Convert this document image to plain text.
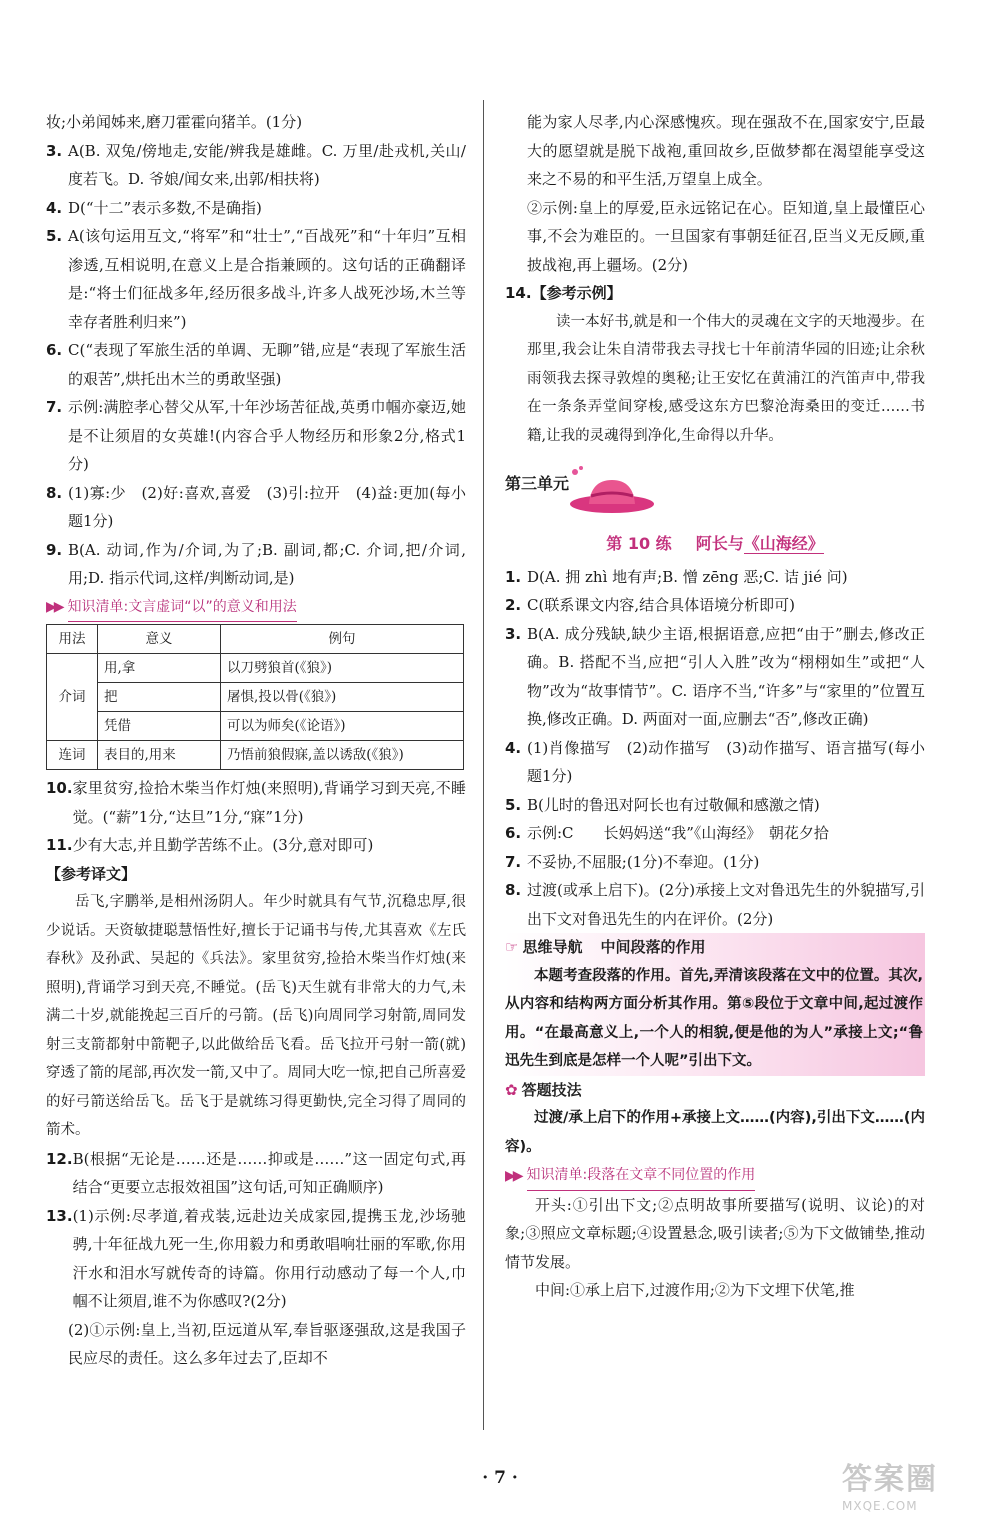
妆;小弟闻姊来,磨刀霍霍向猪羊。(1分)
3. A(B. 双兔/傍地走,安能/辨我是雄雌。C. 万里/赴戎机,关山/度若飞。D. 爷娘/闻女来,出郭/相扶将)
4. D(“十二”表示多数,不是确指)
5. A(该句运用互文,“将军”和“壮士”,“百战死”和“十年归”互相渗透,互相说明,在意义上是合指兼顾的。这句话的正确翻译是:“将士们征战多年,经历很多战斗,许多人战死沙场,木兰等幸存者胜利归来”)
6. C(“表现了军旅生活的单调、无聊”错,应是“表现了军旅生活的艰苦”,烘托出木兰的勇敢坚强)
7. 示例:满腔孝心替父从军,十年沙场苦征战,英勇巾帼亦豪迈,她是不让须眉的女英雄!(内容合乎人物经历和形象2分,格式1分)
8. (1)寡:少　(2)好:喜欢,喜爱　(3)引:拉开　(4)益:更加(每小题1分)
9. B(A. 动词,作为/介词,为了;B. 副词,都;C. 介词,把/介词,用;D. 指示代词,这样/判断动词,是)
▶▶ 知识清单:文言虚词“以”的意义和用法
用法	意义	例句
介词	用,拿	以刀劈狼首(《狼》)
	把	屠惧,投以骨(《狼》)
	凭借	可以为师矣(《论语》)
连词	表目的,用来	乃悟前狼假寐,盖以诱敌(《狼》)
10. 家里贫穷,捡拾木柴当作灯烛(来照明),背诵学习到天亮,不睡觉。(“薪”1分,“达旦”1分,“寐”1分)
11. 少有大志,并且勤学苦练不止。(3分,意对即可)
【参考译文】
岳飞,字鹏举,是相州汤阴人。年少时就具有气节,沉稳忠厚,很少说话。天资敏捷聪慧悟性好,擅长于记诵书与传,尤其喜欢《左氏春秋》及孙武、吴起的《兵法》。家里贫穷,捡拾木柴当作灯烛(来照明),背诵学习到天亮,不睡觉。(岳飞)天生就有非常大的力气,未满二十岁,就能挽起三百斤的弓箭。(岳飞)向周同学习射箭,周同发射三支箭都射中箭靶子,以此做给岳飞看。岳飞拉开弓射一箭(就)穿透了箭的尾部,再次发一箭,又中了。周同大吃一惊,把自己所喜爱的好弓箭送给岳飞。岳飞于是就练习得更勤快,完全习得了周同的箭术。
12. B(根据“无论是……还是……抑或是……”这一固定句式,再结合“更要立志报效祖国”这句话,可知正确顺序)
13. (1)示例:尽孝道,着戎装,远赴边关成家园,提携玉龙,沙场驰骋,十年征战九死一生,你用毅力和勇敢唱响壮丽的军歌,你用汗水和泪水写就传奇的诗篇。你用行动感动了每一个人,巾帼不让须眉,谁不为你感叹?(2分)
(2)①示例:皇上,当初,臣远道从军,奉旨驱逐强敌,这是我国子民应尽的责任。这么多年过去了,臣却不
能为家人尽孝,内心深感愧疚。现在强敌不在,国家安宁,臣最大的愿望就是脱下战袍,重回故乡,臣做梦都在渴望能享受这来之不易的和平生活,万望皇上成全。
②示例:皇上的厚爱,臣永远铭记在心。臣知道,皇上最懂臣心事,不会为难臣的。一旦国家有事朝廷征召,臣当义无反顾,重披战袍,再上疆场。(2分)
14. 【参考示例】
读一本好书,就是和一个伟大的灵魂在文字的天地漫步。在那里,我会让朱自清带我去寻找七十年前清华园的旧迹;让余秋雨领我去探寻敦煌的奥秘;让王安忆在黄浦江的汽笛声中,带我在一条条弄堂间穿梭,感受这东方巴黎沧海桑田的变迁……书籍,让我的灵魂得到净化,生命得以升华。
第三单元
第 10 练 阿长与《山海经》
1. D(A. 拥 zhì 地有声;B. 憎 zēng 恶;C. 诘 jié 问)
2. C(联系课文内容,结合具体语境分析即可)
3. B(A. 成分残缺,缺少主语,根据语意,应把“由于”删去,修改正确。B. 搭配不当,应把“引人入胜”改为“栩栩如生”或把“人物”改为“故事情节”。C. 语序不当,“许多”与“家里的”位置互换,修改正确。D. 两面对一面,应删去“否”,修改正确)
4. (1)肖像描写　(2)动作描写　(3)动作描写、语言描写(每小题1分)
5. B(儿时的鲁迅对阿长也有过敬佩和感激之情)
6. 示例:C　　长妈妈送“我”《山海经》　朝花夕拾
7. 不妥协,不屈服;(1分)不奉迎。(1分)
8. 过渡(或承上启下)。(2分)承接上文对鲁迅先生的外貌描写,引出下文对鲁迅先生的内在评价。(2分)
☞ 思维导航 中间段落的作用
本题考查段落的作用。首先,弄清该段落在文中的位置。其次,从内容和结构两方面分析其作用。第⑤段位于文章中间,起过渡作用。“在最高意义上,一个人的相貌,便是他的为人”承接上文;“鲁迅先生到底是怎样一个人呢”引出下文。
✿ 答题技法
过渡/承上启下的作用+承接上文……(内容),引出下文……(内容)。
▶▶ 知识清单:段落在文章不同位置的作用
开头:①引出下文;②点明故事所要描写(说明、议论)的对象;③照应文章标题;④设置悬念,吸引读者;⑤为下文做铺垫,推动情节发展。
中间:①承上启下,过渡作用;②为下文埋下伏笔,推
· 7 ·	答案圈
MXQE.COM
